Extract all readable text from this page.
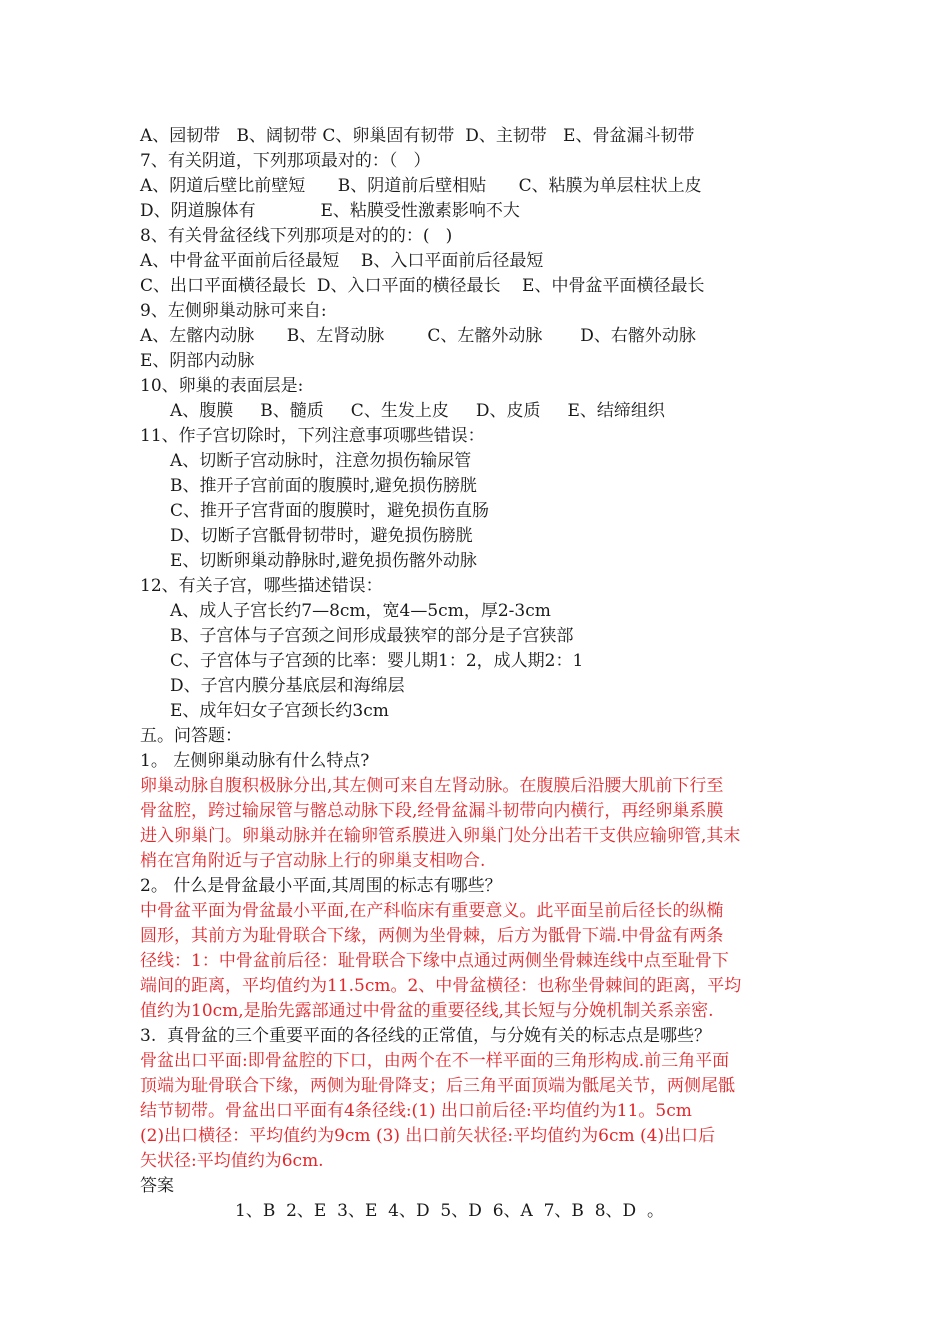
A、园韧带   B、阔韧带 C、卵巢固有韧带  D、主韧带   E、骨盆漏斗韧带
7、有关阴道，下列那项最对的：（   ）
A、阴道后壁比前壁短      B、阴道前后壁相贴      C、粘膜为单层柱状上皮
D、阴道腺体有            E、粘膜受性激素影响不大
8、有关骨盆径线下列那项是对的的：(   )
A、中骨盆平面前后径最短    B、入口平面前后径最短
C、出口平面横径最长  D、入口平面的横径最长    E、中骨盆平面横径最长
9、左侧卵巢动脉可来自:
A、左髂内动脉      B、左肾动脉        C、左髂外动脉       D、右髂外动脉
E、阴部内动脉
10、卵巢的表面层是:
A、腹膜     B、髓质     C、生发上皮     D、皮质     E、结缔组织
11、作子宫切除时，下列注意事项哪些错误：
A、切断子宫动脉时，注意勿损伤输尿管
B、推开子宫前面的腹膜时,避免损伤膀胱
C、推开子宫背面的腹膜时，避免损伤直肠
D、切断子宫骶骨韧带时，避免损伤膀胱
E、切断卵巢动静脉时,避免损伤髂外动脉
12、有关子宫，哪些描述错误：
A、成人子宫长约7—8cm，宽4—5cm，厚2-3cm
B、子宫体与子宫颈之间形成最狭窄的部分是子宫狭部
C、子宫体与子宫颈的比率：婴儿期1：2，成人期2：1
D、子宫内膜分基底层和海绵层
E、成年妇女子宫颈长约3cm
五。问答题：
1。 左侧卵巢动脉有什么特点?
卵巢动脉自腹积极脉分出,其左侧可来自左肾动脉。在腹膜后沿腰大肌前下行至
骨盆腔，跨过输尿管与髂总动脉下段,经骨盆漏斗韧带向内横行，再经卵巢系膜
进入卵巢门。卵巢动脉并在输卵管系膜进入卵巢门处分出若干支供应输卵管,其末
梢在宫角附近与子宫动脉上行的卵巢支相吻合.
2。 什么是骨盆最小平面,其周围的标志有哪些？
中骨盆平面为骨盆最小平面,在产科临床有重要意义。此平面呈前后径长的纵椭
圆形，其前方为耻骨联合下缘，两侧为坐骨棘，后方为骶骨下端.中骨盆有两条
径线：1：中骨盆前后径：耻骨联合下缘中点通过两侧坐骨棘连线中点至耻骨下
端间的距离，平均值约为11.5cm。2、中骨盆横径：也称坐骨棘间的距离，平均
值约为10cm,是胎先露部通过中骨盆的重要径线,其长短与分娩机制关系亲密.
3.  真骨盆的三个重要平面的各径线的正常值，与分娩有关的标志点是哪些？
骨盆出口平面:即骨盆腔的下口，由两个在不一样平面的三角形构成.前三角平面
顶端为耻骨联合下缘，两侧为耻骨降支；后三角平面顶端为骶尾关节，两侧尾骶
结节韧带。骨盆出口平面有4条径线:(1) 出口前后径:平均值约为11。5cm
(2)出口横径：平均值约为9cm (3) 出口前矢状径:平均值约为6cm (4)出口后
矢状径:平均值约为6cm.
答案
1、B  2、E  3、E  4、D  5、D  6、A  7、B  8、D  。
